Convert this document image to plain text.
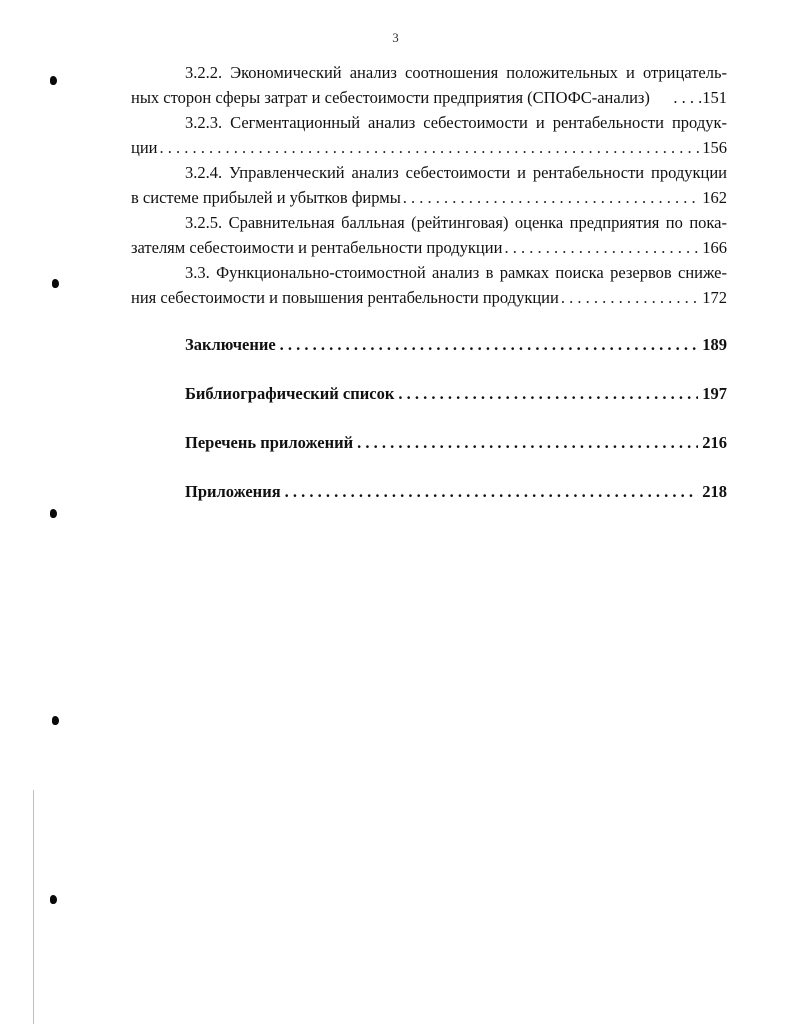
3
3.2.2. Экономический анализ соотношения положительных и отрицатель-
ных сторон сферы затрат и себестоимости предприятия (СПОФС-анализ) . . . .151
3.2.3. Сегментационный анализ себестоимости и рентабельности продук-
ции . . .	156
3.2.4. Управленческий анализ себестоимости и рентабельности продукции
в системе прибылей и убытков фирмы . . .	162
3.2.5. Сравнительная балльная (рейтинговая) оценка предприятия по пока-
зателям себестоимости и рентабельности продукции . . .	166
3.3. Функционально-стоимостной анализ в рамках поиска резервов сниже-
ния себестоимости и повышения рентабельности продукции . . .	172
Заключение . . .	189
Библиографический список . . .	197
Перечень приложений . . .	216
Приложения . . .	218
